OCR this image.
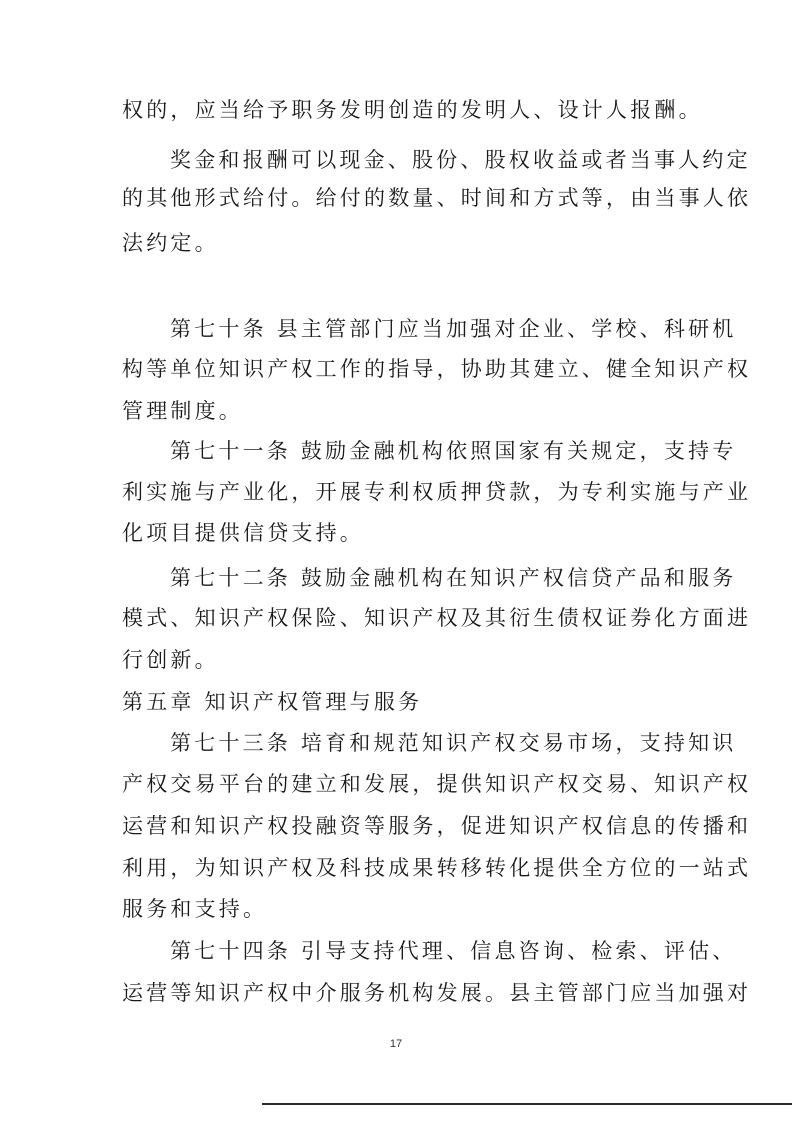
权的，应当给予职务发明创造的发明人、设计人报酬。
奖金和报酬可以现金、股份、股权收益或者当事人约定
的其他形式给付。给付的数量、时间和方式等，由当事人依
法约定。
第七十条 县主管部门应当加强对企业、学校、科研机
构等单位知识产权工作的指导，协助其建立、健全知识产权
管理制度。
第七十一条 鼓励金融机构依照国家有关规定，支持专
利实施与产业化，开展专利权质押贷款，为专利实施与产业
化项目提供信贷支持。
第七十二条 鼓励金融机构在知识产权信贷产品和服务
模式、知识产权保险、知识产权及其衍生债权证券化方面进
行创新。
第五章 知识产权管理与服务
第七十三条 培育和规范知识产权交易市场，支持知识
产权交易平台的建立和发展，提供知识产权交易、知识产权
运营和知识产权投融资等服务，促进知识产权信息的传播和
利用，为知识产权及科技成果转移转化提供全方位的一站式
服务和支持。
第七十四条 引导支持代理、信息咨询、检索、评估、
运营等知识产权中介服务机构发展。县主管部门应当加强对
17
